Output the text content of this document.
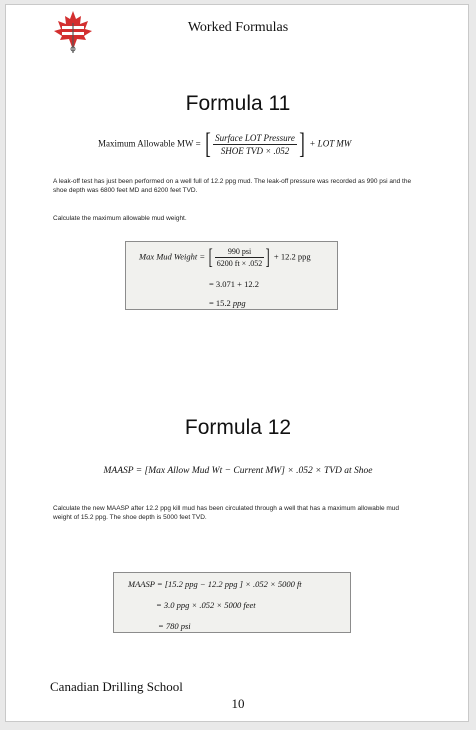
Worked Formulas
Formula 11
Maximum Allowable MW = [ $\frac{\text{Surface LOT Pressure}}{\text{SHOE TVD × .052}}$ ] + LOT MW
A leak-off test has just been performed on a well full of 12.2 ppg mud. The leak-off pressure was recorded as 990 psi and the shoe depth was 6800 feet MD and 6200 feet TVD.
Calculate the maximum allowable mud weight.
Max Mud Weight = [ $\frac{\text{990 psi}}{6200 ft \times .052}$ ] + 12.2 ppg
= 3.071 + 12.2
= 15.2 ppg
Formula 12
MAASP = [Max Allow Mud Wt − Current MW] × .052 × TVD at Shoe
Calculate the new MAASP after 12.2 ppg kill mud has been circulated through a well that has a maximum allowable mud weight of 15.2 ppg. The shoe depth is 5000 feet TVD.
MAASP = [15.2 ppg − 12.2 ppg ] × .052 × 5000 ft
= 3.0 ppg × .052 × 5000 feet
= 780 psi
Canadian Drilling School
10
